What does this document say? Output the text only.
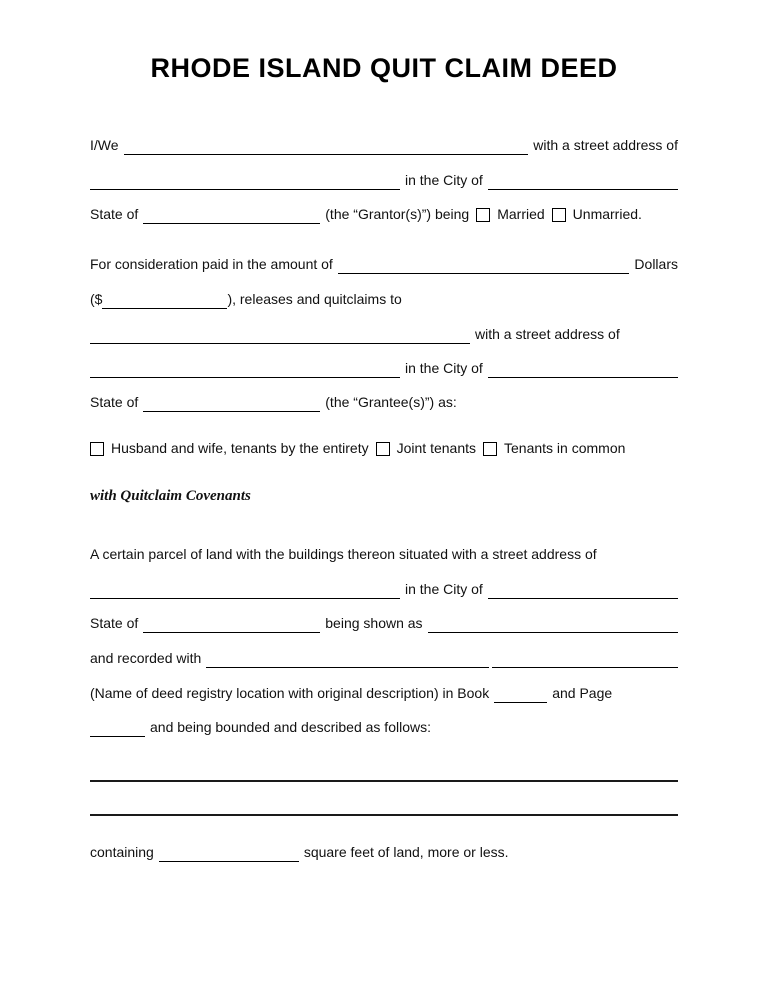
RHODE ISLAND QUIT CLAIM DEED
I/We	with a street address of
in the City of
State of	(the “Grantor(s)”) being Married Unmarried.
For consideration paid in the amount of	Dollars
($	), releases and quitclaims to
with a street address of
in the City of
State of	(the “Grantee(s)”) as:
Husband and wife, tenants by the entirety Joint tenants Tenants in common
with Quitclaim Covenants
A certain parcel of land with the buildings thereon situated with a street address of
in the City of
State of	being shown as
and recorded with
(Name of deed registry location with original description) in Book	and Page
and being bounded and described as follows:
containing	square feet of land, more or less.
